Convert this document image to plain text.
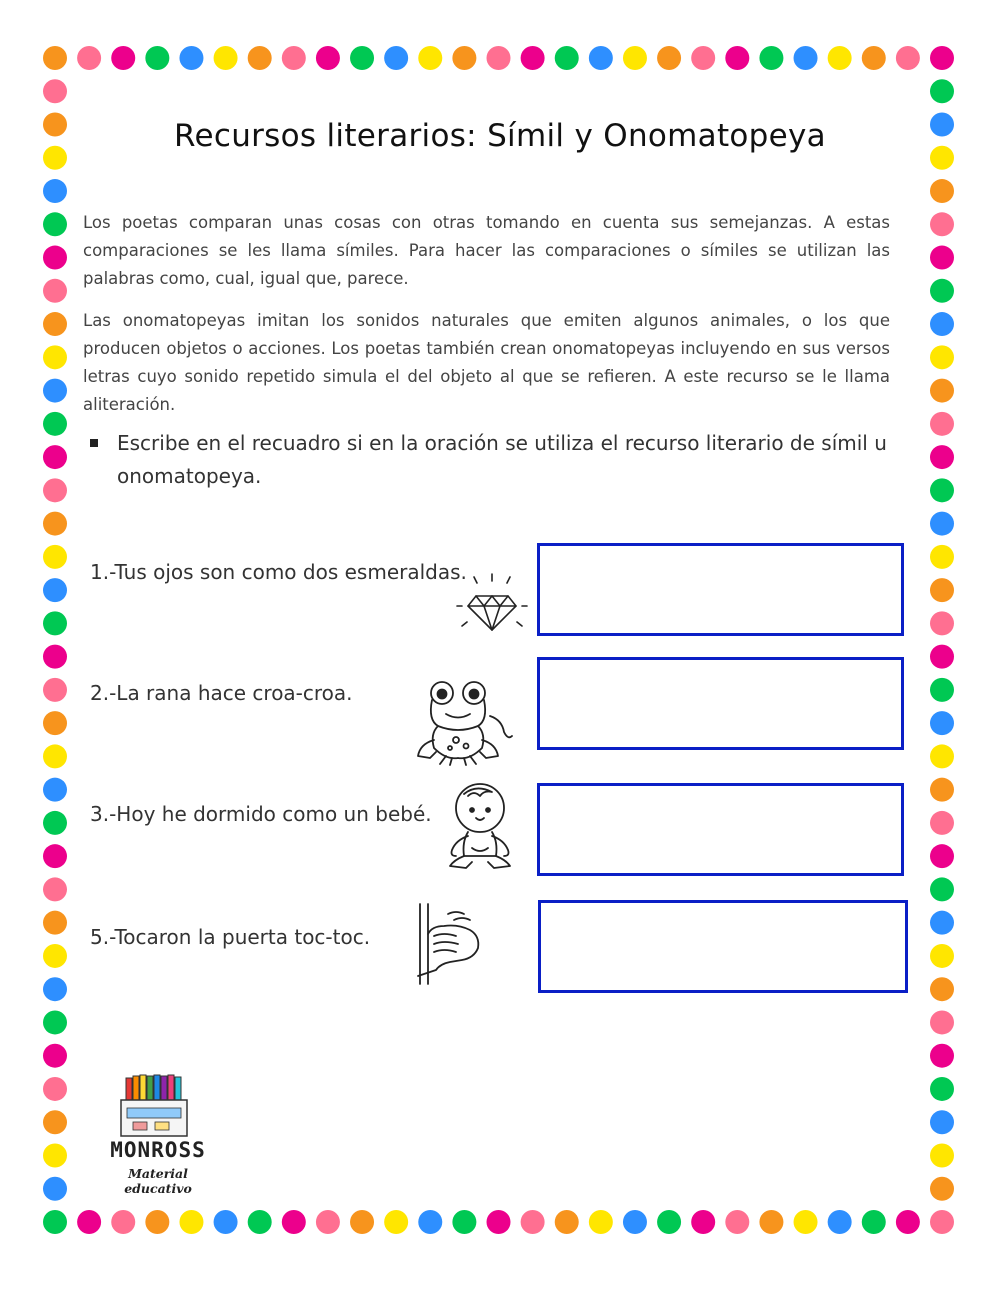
Recursos literarios: Símil y Onomatopeya

Los poetas comparan unas cosas con otras tomando en cuenta sus semejanzas. A estas comparaciones se les llama símiles. Para hacer las comparaciones o símiles se utilizan las palabras como, cual, igual que, parece.

Las onomatopeyas imitan los sonidos naturales que emiten algunos animales, o los que producen objetos o acciones. Los poetas también crean onomatopeyas incluyendo en sus versos letras cuyo sonido repetido simula el del objeto al que se refieren. A este recurso se le llama aliteración.

Escribe en el recuadro si en la oración se utiliza el recurso literario de símil u onomatopeya.
1.-Tus ojos son como dos esmeraldas.
2.-La rana hace croa-croa.
3.-Hoy he dormido como un bebé.
5.-Tocaron la puerta toc-toc.
MONROSS
Material educativo
